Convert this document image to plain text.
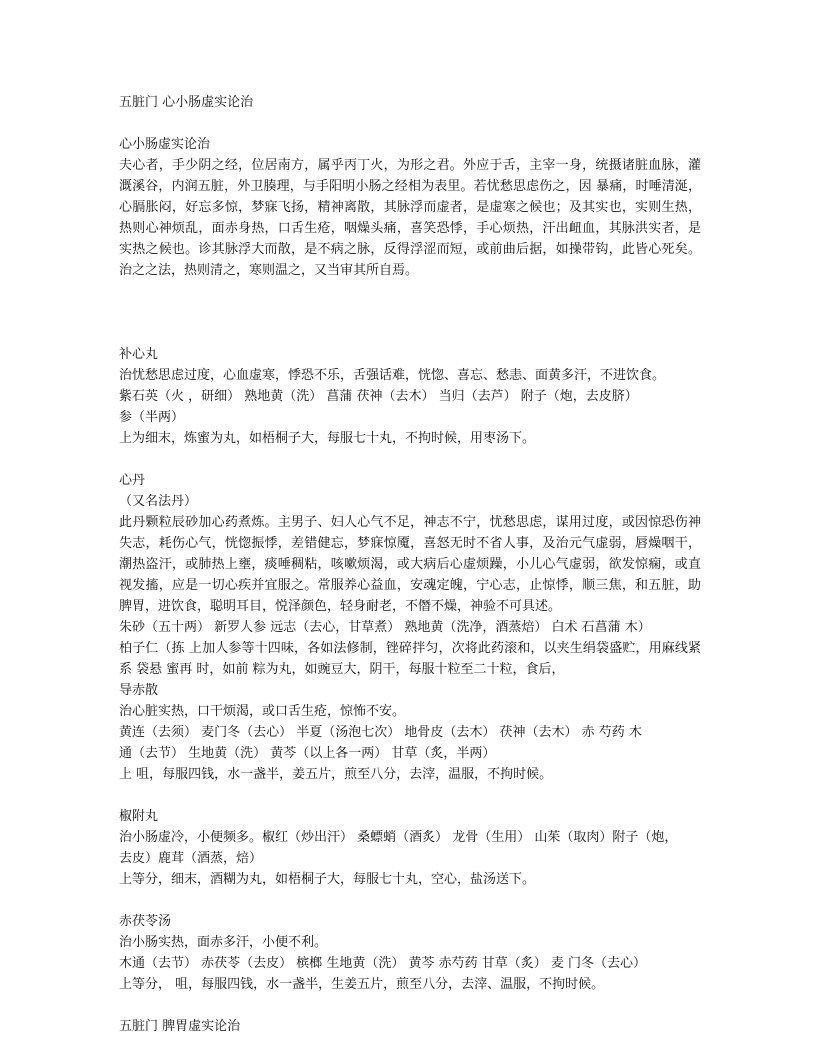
五脏门 心小肠虚实论治
心小肠虚实论治
夫心者，手少阴之经，位居南方，属乎丙丁火，为形之君。外应于舌，主宰一身，统摄诸脏血脉，灌溉溪谷，内润五脏，外卫腠理，与手阳明小肠之经相为表里。若忧愁思虑伤之，因 暴痛，时唾清涎，心膈胀闷，好忘多惊，梦寐飞扬，精神离散，其脉浮而虚者，是虚寒之候也；及其实也，实则生热，热则心神烦乱，面赤身热，口舌生疮，咽燥头痛，喜笑恐悸，手心烦热，汗出衄血，其脉洪实者，是实热之候也。诊其脉浮大而散，是不病之脉，反得浮涩而短，或前曲后据，如操带钩，此皆心死矣。治之之法，热则清之，寒则温之，又当审其所自焉。
补心丸
治忧愁思虑过度，心血虚寒，悸恐不乐，舌强话难，恍惚、喜忘、愁恚、面黄多汗，不进饮食。
紫石英（火 ，研细） 熟地黄（洗） 菖蒲 茯神（去木） 当归（去芦） 附子（炮，去皮脐）
参（半两）
上为细末，炼蜜为丸，如梧桐子大，每服七十丸，不拘时候，用枣汤下。
心丹
（又名法丹）
此丹颗粒辰砂加心药煮炼。主男子、妇人心气不足，神志不宁，忧愁思虑，谋用过度，或因惊恐伤神失志，耗伤心气，恍惚振悸，差错健忘，梦寐惊魇，喜怒无时不省人事，及治元气虚弱，唇燥咽干，潮热盗汗，或肺热上壅，痰唾稠粘，咳嗽烦渴，或大病后心虚烦躁，小儿心气虚弱，欲发惊痫，或直视发搐，应是一切心疾并宜服之。常服养心益血，安魂定魄，宁心志，止惊悸，顺三焦，和五脏，助脾胃，进饮食，聪明耳目，悦泽颜色，轻身耐老，不僭不燥，神验不可具述。
朱砂（五十两） 新罗人参 远志（去心，甘草煮） 熟地黄（洗净，酒蒸焙） 白术 石菖蒲 木）
柏子仁（拣 上加人参等十四味，各如法修制，锉碎拌匀，次将此药滚和，以夹生绢袋盛贮，用麻线紧系 袋悬 蜜再 时，如前 粽为丸，如豌豆大，阴干，每服十粒至二十粒，食后，
导赤散
治心脏实热，口干烦渴，或口舌生疮，惊怖不安。
黄连（去须） 麦门冬（去心） 半夏（汤泡七次） 地骨皮（去木） 茯神（去木） 赤 芍药 木
通（去节） 生地黄（洗） 黄芩（以上各一两） 甘草（炙，半两）
上 咀，每服四钱，水一盏半，姜五片，煎至八分，去滓，温服，不拘时候。
椒附丸
治小肠虚冷，小便频多。椒红（炒出汗） 桑螵蛸（酒炙） 龙骨（生用） 山茱（取肉）附子（炮，
去皮）鹿茸（酒蒸，焙）
上等分，细末，酒糊为丸，如梧桐子大，每服七十丸，空心，盐汤送下。
赤茯苓汤
治小肠实热，面赤多汗，小便不利。
木通（去节） 赤茯苓（去皮） 槟榔 生地黄（洗） 黄芩 赤芍药 甘草（炙） 麦 门冬（去心）
上等分， 咀，每服四钱，水一盏半，生姜五片，煎至八分，去滓、温服，不拘时候。
五脏门 脾胃虚实论治
